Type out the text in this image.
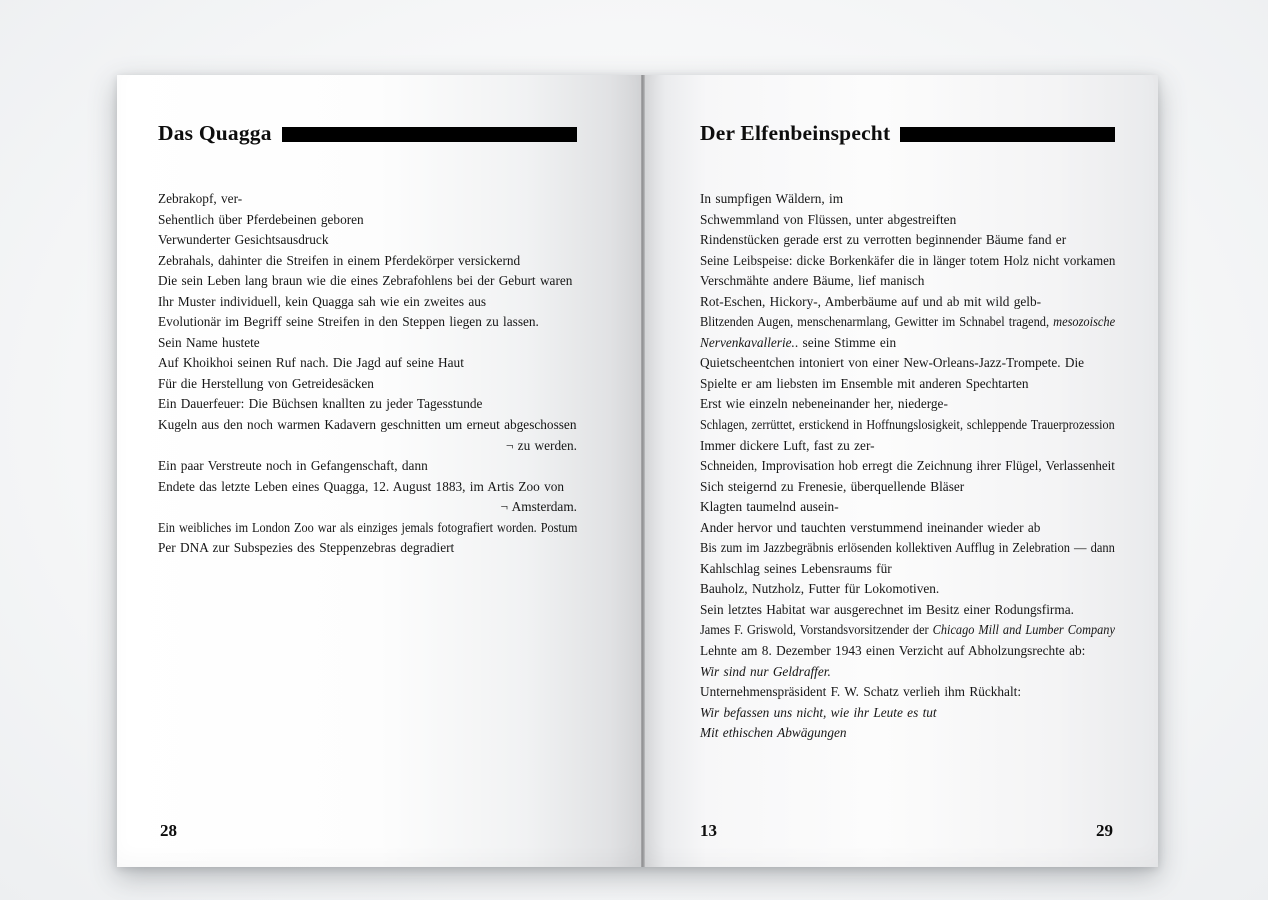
Das Quagga
Zebrakopf, ver-
Sehentlich über Pferdebeinen geboren
Verwunderter Gesichtsausdruck
Zebrahals, dahinter die Streifen in einem Pferdekörper versickernd
Die sein Leben lang braun wie die eines Zebrafohlens bei der Geburt waren
Ihr Muster individuell, kein Quagga sah wie ein zweites aus
Evolutionär im Begriff seine Streifen in den Steppen liegen zu lassen.
Sein Name hustete
Auf Khoikhoi seinen Ruf nach. Die Jagd auf seine Haut
Für die Herstellung von Getreidesäcken
Ein Dauerfeuer: Die Büchsen knallten zu jeder Tagesstunde
Kugeln aus den noch warmen Kadavern geschnitten um erneut abgeschossen
¬ zu werden.
Ein paar Verstreute noch in Gefangenschaft, dann
Endete das letzte Leben eines Quagga, 12. August 1883, im Artis Zoo von
¬ Amsterdam.
Ein weibliches im London Zoo war als einziges jemals fotografiert worden. Postum
Per DNA zur Subspezies des Steppenzebras degradiert
28
Der Elfenbeinspecht
In sumpfigen Wäldern, im
Schwemmland von Flüssen, unter abgestreiften
Rindenstücken gerade erst zu verrotten beginnender Bäume fand er
Seine Leibspeise: dicke Borkenkäfer die in länger totem Holz nicht vorkamen
Verschmähte andere Bäume, lief manisch
Rot-Eschen, Hickory-, Amberbäume auf und ab mit wild gelb-
Blitzenden Augen, menschenarmlang, Gewitter im Schnabel tragend, mesozoische
Nervenkavallerie.. seine Stimme ein
Quietscheentchen intoniert von einer New-Orleans-Jazz-Trompete. Die
Spielte er am liebsten im Ensemble mit anderen Spechtarten
Erst wie einzeln nebeneinander her, niederge-
Schlagen, zerrüttet, erstickend in Hoffnungslosigkeit, schleppende Trauerprozession
Immer dickere Luft, fast zu zer-
Schneiden, Improvisation hob erregt die Zeichnung ihrer Flügel, Verlassenheit
Sich steigernd zu Frenesie, überquellende Bläser
Klagten taumelnd ausein-
Ander hervor und tauchten verstummend ineinander wieder ab
Bis zum im Jazzbegräbnis erlösenden kollektiven Aufflug in Zelebration — dann
Kahlschlag seines Lebensraums für
Bauholz, Nutzholz, Futter für Lokomotiven.
Sein letztes Habitat war ausgerechnet im Besitz einer Rodungsfirma.
James F. Griswold, Vorstandsvorsitzender der Chicago Mill and Lumber Company
Lehnte am 8. Dezember 1943 einen Verzicht auf Abholzungsrechte ab:
Wir sind nur Geldraffer.
Unternehmenspräsident F. W. Schatz verlieh ihm Rückhalt:
Wir befassen uns nicht, wie ihr Leute es tut
Mit ethischen Abwägungen
13	29
